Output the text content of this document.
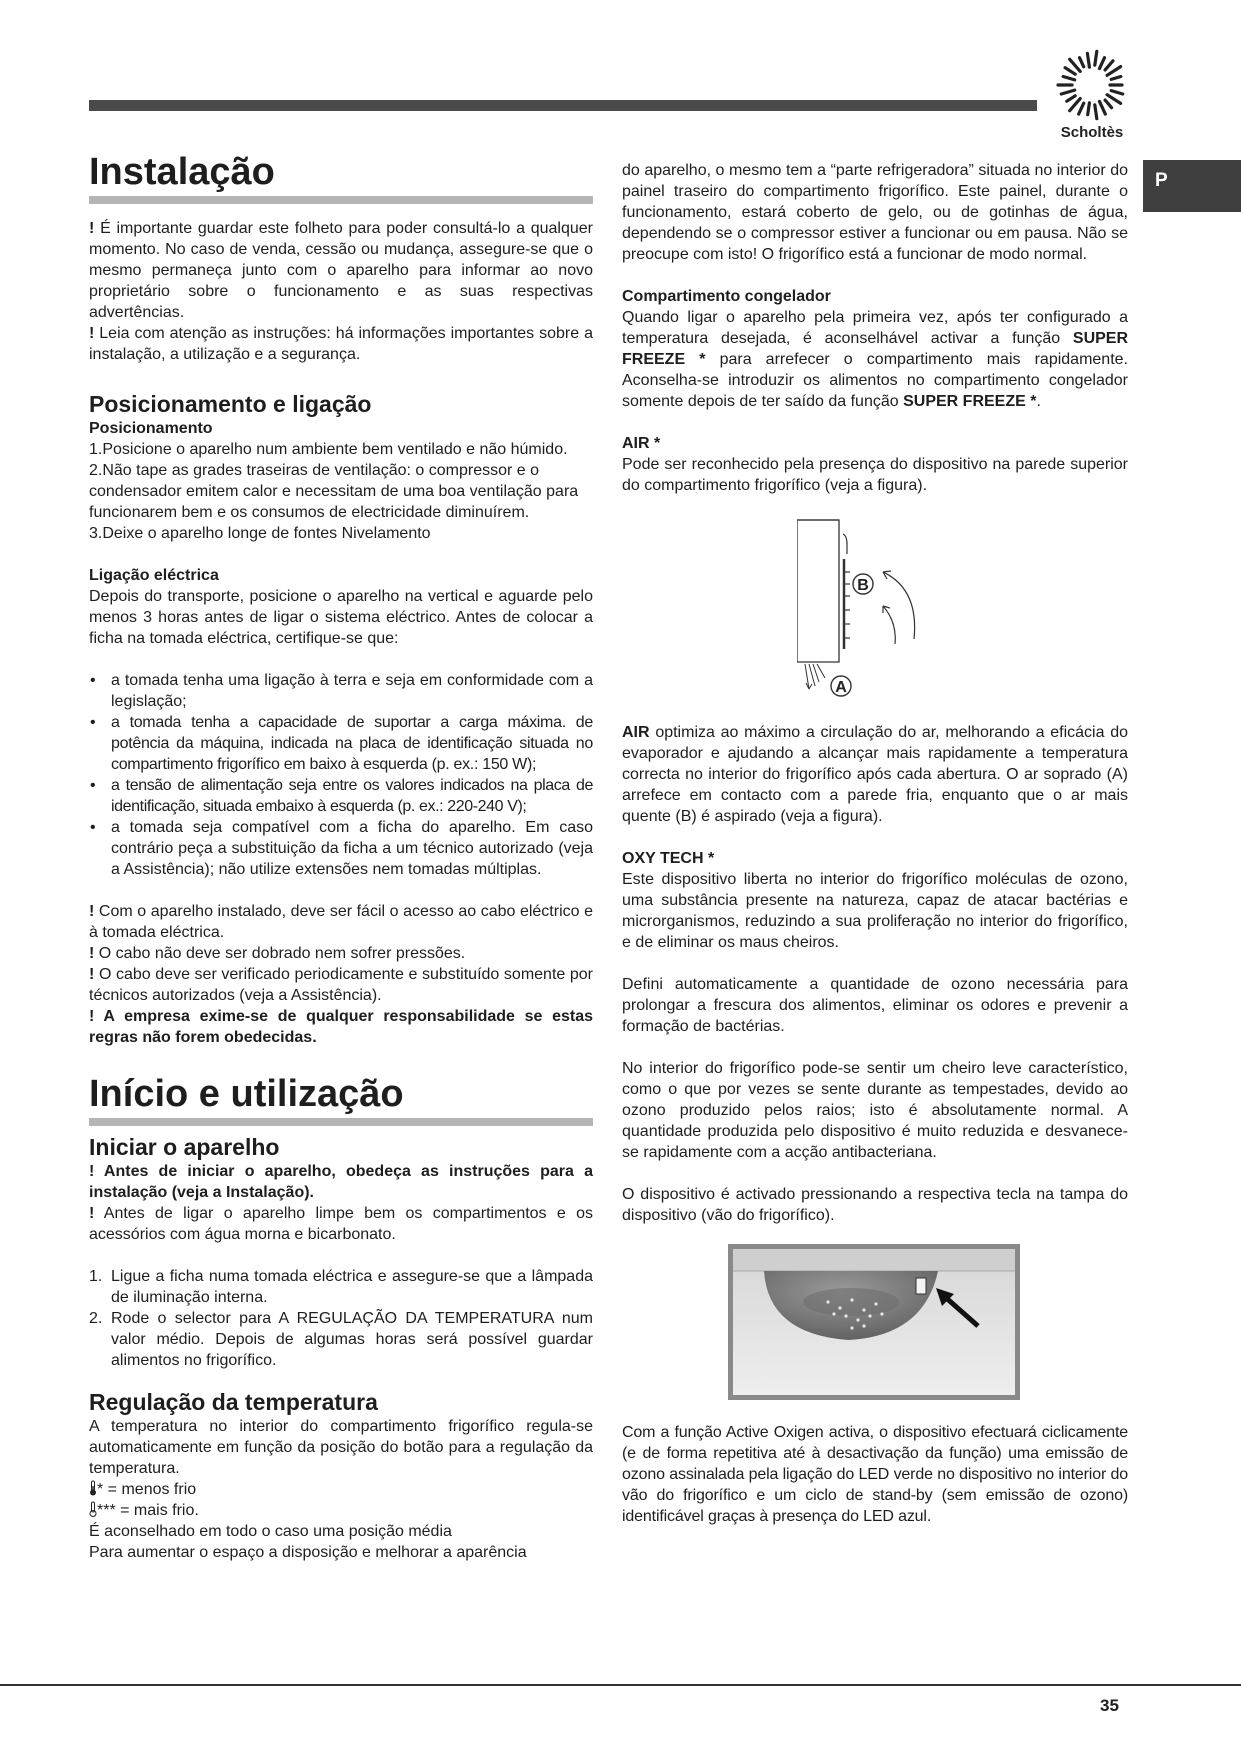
Scholtès
P
Instalação

! É importante guardar este folheto para poder consultá-lo a qualquer momento. No caso de venda, cessão ou mudança, assegure-se que o mesmo permaneça junto com o aparelho para informar ao novo proprietário sobre o funcionamento e as suas respectivas advertências.

! Leia com atenção as instruções: há informações importantes sobre a instalação, a utilização e a segurança.

Posicionamento e ligação

Posicionamento

1.Posicione o aparelho num ambiente bem ventilado e não húmido.

2.Não tape as grades traseiras de ventilação: o compressor e o condensador emitem calor e necessitam de uma boa ventilação para funcionarem bem e os consumos de electricidade diminuírem.

3.Deixe o aparelho longe de fontes Nivelamento

Ligação eléctrica

Depois do transporte, posicione o aparelho na vertical e aguarde pelo menos 3 horas antes de ligar o sistema eléctrico. Antes de colocar a ficha na tomada eléctrica, certifique-se que:

• a tomada tenha uma ligação à terra e seja em conformidade com a legislação;
• a tomada tenha a capacidade de suportar a carga máxima. de potência da máquina, indicada na placa de identificação situada no compartimento frigorífico em baixo à esquerda (p. ex.: 150 W);
• a tensão de alimentação seja entre os valores indicados na placa de identificação, situada embaixo à esquerda (p. ex.: 220-240 V);
• a tomada seja compatível com a ficha do aparelho. Em caso contrário peça a substituição da ficha a um técnico autorizado (veja a Assistência); não utilize extensões nem tomadas múltiplas.

! Com o aparelho instalado, deve ser fácil o acesso ao cabo eléctrico e à tomada eléctrica.

! O cabo não deve ser dobrado nem sofrer pressões.

! O cabo deve ser verificado periodicamente e substituído somente por técnicos autorizados (veja a Assistência).

! A empresa exime-se de qualquer responsabilidade se estas regras não forem obedecidas.

Início e utilização
Iniciar o aparelho

! Antes de iniciar o aparelho, obedeça as instruções para a instalação (veja a Instalação).

! Antes de ligar o aparelho limpe bem os compartimentos e os acessórios com água morna e bicarbonato.

1. Ligue a ficha numa tomada eléctrica e assegure-se que a lâmpada de iluminação interna.
2. Rode o selector para A REGULAÇÃO DA TEMPERATURA num valor médio. Depois de algumas horas será possível guardar alimentos no frigorífico.
Regulação da temperatura

A temperatura no interior do compartimento frigorífico regula-se automaticamente em função da posição do botão para a regulação da temperatura.

* = menos frio

*** = mais frio.

É aconselhado em todo o caso uma posição média

Para aumentar o espaço a disposição e melhorar a aparência

do aparelho, o mesmo tem a “parte refrigeradora” situada no interior do painel traseiro do compartimento frigorífico. Este painel, durante o funcionamento, estará coberto de gelo, ou de gotinhas de água, dependendo se o compressor estiver a funcionar ou em pausa. Não se preocupe com isto! O frigorífico está a funcionar de modo normal.

Compartimento congelador

Quando ligar o aparelho pela primeira vez, após ter configurado a temperatura desejada, é aconselhável activar a função SUPER FREEZE * para arrefecer o compartimento mais rapidamente. Aconselha-se introduzir os alimentos no compartimento congelador somente depois de ter saído da função SUPER FREEZE *.

AIR *

Pode ser reconhecido pela presença do dispositivo na parede superior do compartimento frigorífico (veja a figura).

B
A

AIR optimiza ao máximo a circulação do ar, melhorando a eficácia do evaporador e ajudando a alcançar mais rapidamente a temperatura correcta no interior do frigorífico após cada abertura. O ar soprado (A) arrefece em contacto com a parede fria, enquanto que o ar mais quente (B) é aspirado (veja a figura).

OXY TECH *

Este dispositivo liberta no interior do frigorífico moléculas de ozono, uma substância presente na natureza, capaz de atacar bactérias e microrganismos, reduzindo a sua proliferação no interior do frigorífico, e de eliminar os maus cheiros.

Defini automaticamente a quantidade de ozono necessária para prolongar a frescura dos alimentos, eliminar os odores e prevenir a formação de bactérias.

No interior do frigorífico pode-se sentir um cheiro leve característico, como o que por vezes se sente durante as tempestades, devido ao ozono produzido pelos raios; isto é absolutamente normal. A quantidade produzida pelo dispositivo é muito reduzida e desvanece-se rapidamente com a acção antibacteriana.

O dispositivo é activado pressionando a respectiva tecla na tampa do dispositivo (vão do frigorífico).

Com a função Active Oxigen activa, o dispositivo efectuará ciclicamente (e de forma repetitiva até à desactivação da função) uma emissão de ozono assinalada pela ligação do LED verde no dispositivo no interior do vão do frigorífico e um ciclo de stand-by (sem emissão de ozono) identificável graças à presença do LED azul.

35
